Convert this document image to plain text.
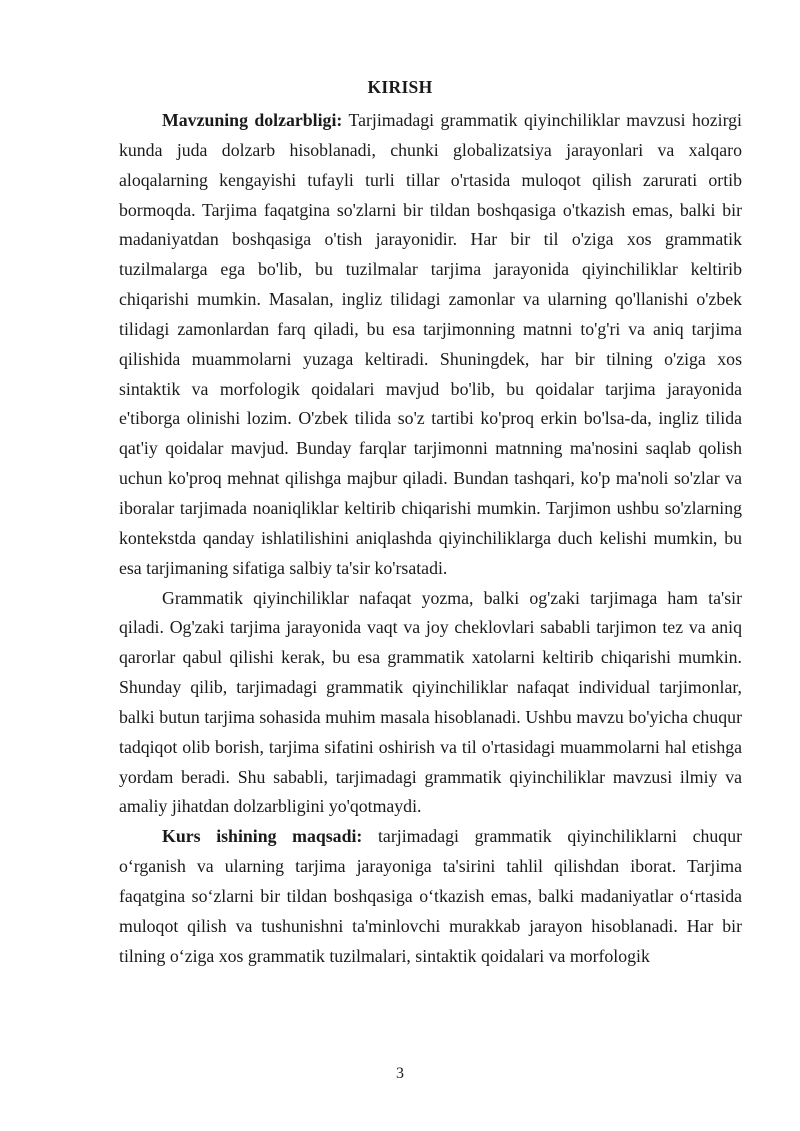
KIRISH

Mavzuning dolzarbligi: Tarjimadagi grammatik qiyinchiliklar mavzusi hozirgi kunda juda dolzarb hisoblanadi, chunki globalizatsiya jarayonlari va xalqaro aloqalarning kengayishi tufayli turli tillar o'rtasida muloqot qilish zarurati ortib bormoqda. Tarjima faqatgina so'zlarni bir tildan boshqasiga o'tkazish emas, balki bir madaniyatdan boshqasiga o'tish jarayonidir. Har bir til o'ziga xos grammatik tuzilmalarga ega bo'lib, bu tuzilmalar tarjima jarayonida qiyinchiliklar keltirib chiqarishi mumkin. Masalan, ingliz tilidagi zamonlar va ularning qo'llanishi o'zbek tilidagi zamonlardan farq qiladi, bu esa tarjimonning matnni to'g'ri va aniq tarjima qilishida muammolarni yuzaga keltiradi. Shuningdek, har bir tilning o'ziga xos sintaktik va morfologik qoidalari mavjud bo'lib, bu qoidalar tarjima jarayonida e'tiborga olinishi lozim. O'zbek tilida so'z tartibi ko'proq erkin bo'lsa-da, ingliz tilida qat'iy qoidalar mavjud. Bunday farqlar tarjimonni matnning ma'nosini saqlab qolish uchun ko'proq mehnat qilishga majbur qiladi. Bundan tashqari, ko'p ma'noli so'zlar va iboralar tarjimada noaniqliklar keltirib chiqarishi mumkin. Tarjimon ushbu so'zlarning kontekstda qanday ishlatilishini aniqlashda qiyinchiliklarga duch kelishi mumkin, bu esa tarjimaning sifatiga salbiy ta'sir ko'rsatadi.

Grammatik qiyinchiliklar nafaqat yozma, balki og'zaki tarjimaga ham ta'sir qiladi. Og'zaki tarjima jarayonida vaqt va joy cheklovlari sababli tarjimon tez va aniq qarorlar qabul qilishi kerak, bu esa grammatik xatolarni keltirib chiqarishi mumkin. Shunday qilib, tarjimadagi grammatik qiyinchiliklar nafaqat individual tarjimonlar, balki butun tarjima sohasida muhim masala hisoblanadi. Ushbu mavzu bo'yicha chuqur tadqiqot olib borish, tarjima sifatini oshirish va til o'rtasidagi muammolarni hal etishga yordam beradi. Shu sababli, tarjimadagi grammatik qiyinchiliklar mavzusi ilmiy va amaliy jihatdan dolzarbligini yo'qotmaydi.

Kurs ishining maqsadi: tarjimadagi grammatik qiyinchiliklarni chuqur o‘rganish va ularning tarjima jarayoniga ta'sirini tahlil qilishdan iborat. Tarjima faqatgina so‘zlarni bir tildan boshqasiga o‘tkazish emas, balki madaniyatlar o‘rtasida muloqot qilish va tushunishni ta'minlovchi murakkab jarayon hisoblanadi. Har bir tilning o‘ziga xos grammatik tuzilmalari, sintaktik qoidalari va morfologik

3
